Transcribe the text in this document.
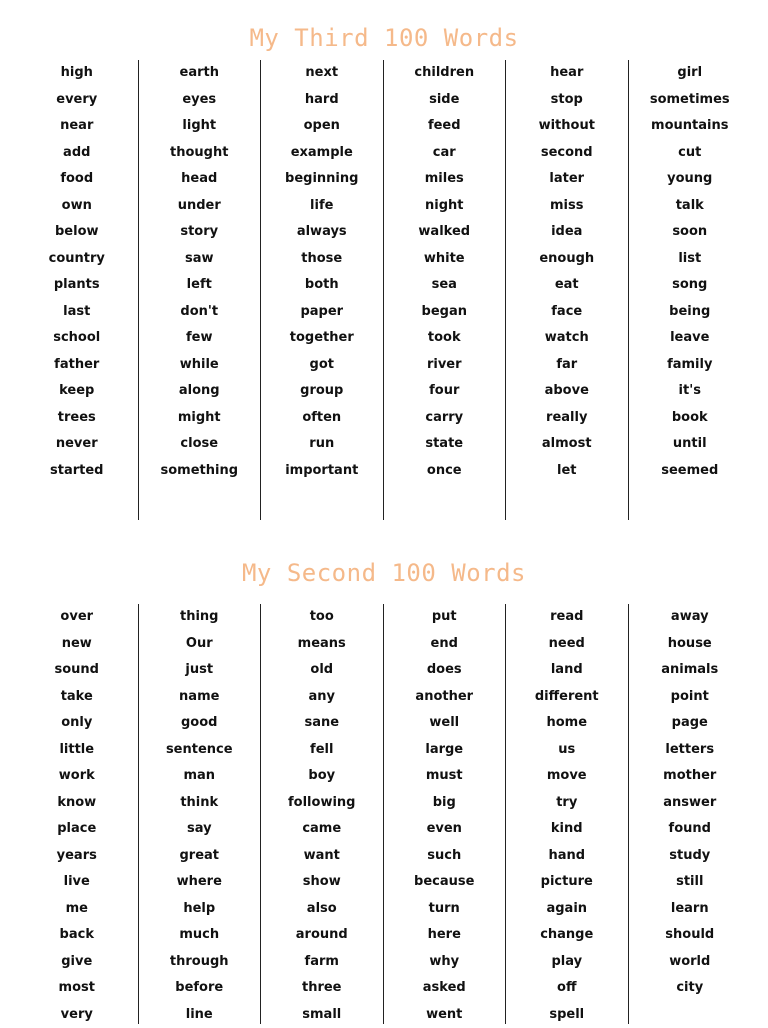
My Third 100 Words
high
every
near
add
food
own
below
country
plants
last
school
father
keep
trees
never
started
earth
eyes
light
thought
head
under
story
saw
left
don't
few
while
along
might
close
something
next
hard
open
example
beginning
life
always
those
both
paper
together
got
group
often
run
important
children
side
feed
car
miles
night
walked
white
sea
began
took
river
four
carry
state
once
hear
stop
without
second
later
miss
idea
enough
eat
face
watch
far
above
really
almost
let
girl
sometimes
mountains
cut
young
talk
soon
list
song
being
leave
family
it's
book
until
seemed
My Second 100 Words
over
new
sound
take
only
little
work
know
place
years
live
me
back
give
most
very
thing
Our
just
name
good
sentence
man
think
say
great
where
help
much
through
before
line
too
means
old
any
sane
fell
boy
following
came
want
show
also
around
farm
three
small
put
end
does
another
well
large
must
big
even
such
because
turn
here
why
asked
went
read
need
land
different
home
us
move
try
kind
hand
picture
again
change
play
off
spell
away
house
animals
point
page
letters
mother
answer
found
study
still
learn
should
world
city
